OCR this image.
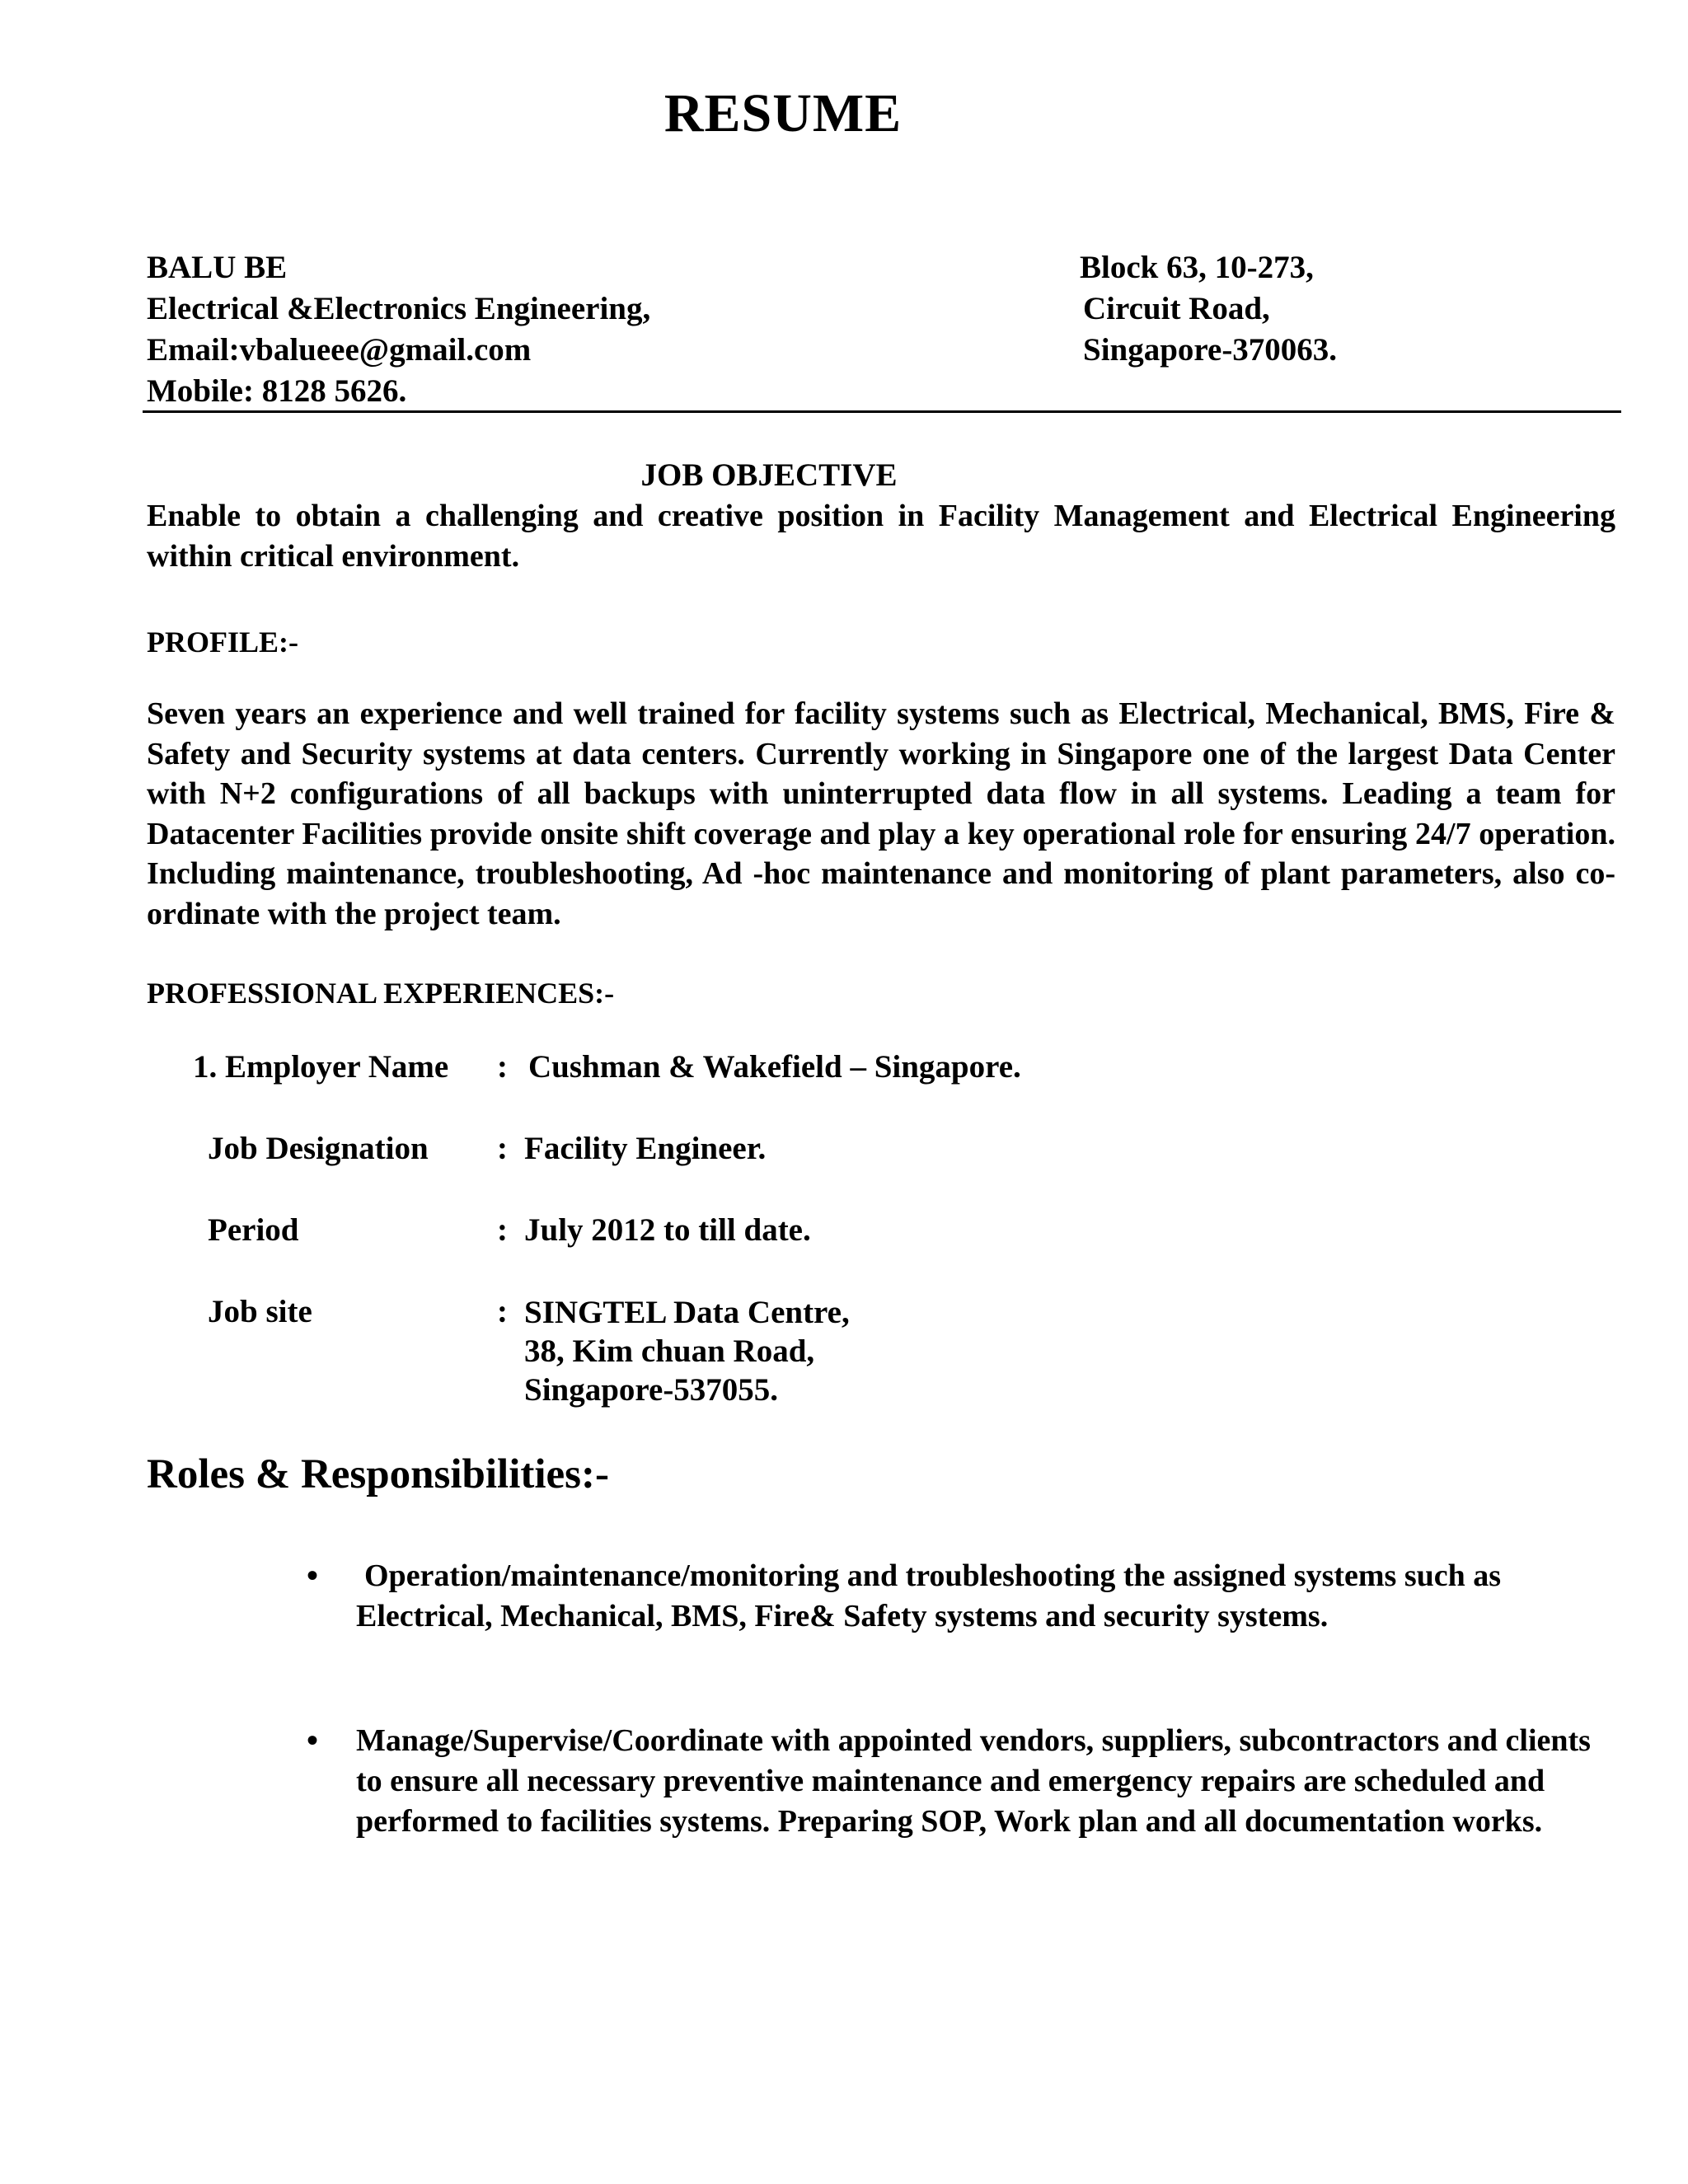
RESUME
BALU BE
Electrical &Electronics Engineering,
Email:vbalueee@gmail.com
Mobile: 8128 5626.
Block 63, 10-273,
Circuit Road,
Singapore-370063.
JOB OBJECTIVE
Enable to obtain a challenging and creative position in Facility Management and Electrical Engineering within critical environment.
PROFILE:-
Seven years an experience and well trained for facility systems such as Electrical, Mechanical, BMS, Fire & Safety and Security systems at data centers. Currently working in Singapore one of the largest Data Center with N+2 configurations of all backups with uninterrupted data flow in all systems. Leading a team for Datacenter Facilities provide onsite shift coverage and play a key operational role for ensuring 24/7 operation. Including maintenance, troubleshooting, Ad -hoc maintenance and monitoring of plant parameters, also co-ordinate with the project team.
PROFESSIONAL EXPERIENCES:-
1. Employer Name : Cushman & Wakefield – Singapore.
Job Designation : Facility Engineer.
Period	: July 2012 to till date.
Job site	: SINGTEL Data Centre,
38, Kim chuan Road,
Singapore-537055.
Roles & Responsibilities:-
• Operation/maintenance/monitoring and troubleshooting the assigned systems such as Electrical, Mechanical, BMS, Fire& Safety systems and security systems.
• Manage/Supervise/Coordinate with appointed vendors, suppliers, subcontractors and clients to ensure all necessary preventive maintenance and emergency repairs are scheduled and performed to facilities systems. Preparing SOP, Work plan and all documentation works.
